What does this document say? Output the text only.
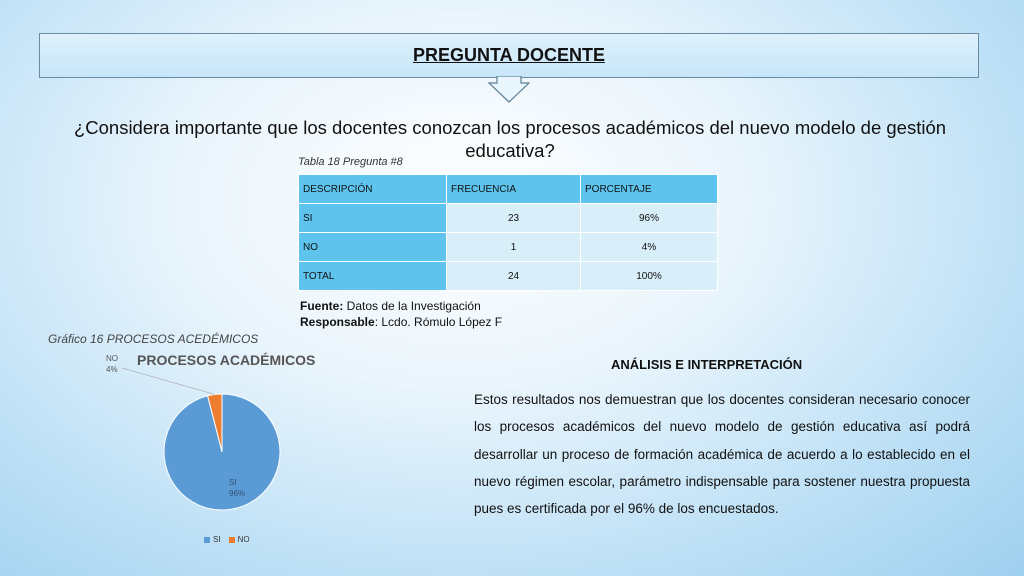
PREGUNTA DOCENTE
¿Considera importante que los docentes conozcan los procesos académicos del nuevo modelo de gestión educativa?
Tabla 18 Pregunta #8
DESCRIPCIÓN	FRECUENCIA	PORCENTAJE
SI	23	96%
NO	1	4%
TOTAL	24	100%
Fuente: Datos de la Investigación
Responsable: Lcdo. Rómulo López F
Gráfico 16 PROCESOS ACEDÉMICOS
PROCESOS ACADÉMICOS
SI
96%
NO
4%
SI	NO
ANÁLISIS E INTERPRETACIÓN
Estos resultados nos demuestran que los docentes consideran necesario conocer los procesos académicos del nuevo modelo de gestión educativa así podrá desarrollar un proceso de formación académica de acuerdo a lo establecido en el nuevo régimen escolar, parámetro indispensable para sostener nuestra propuesta pues es certificada por el 96% de los encuestados.
